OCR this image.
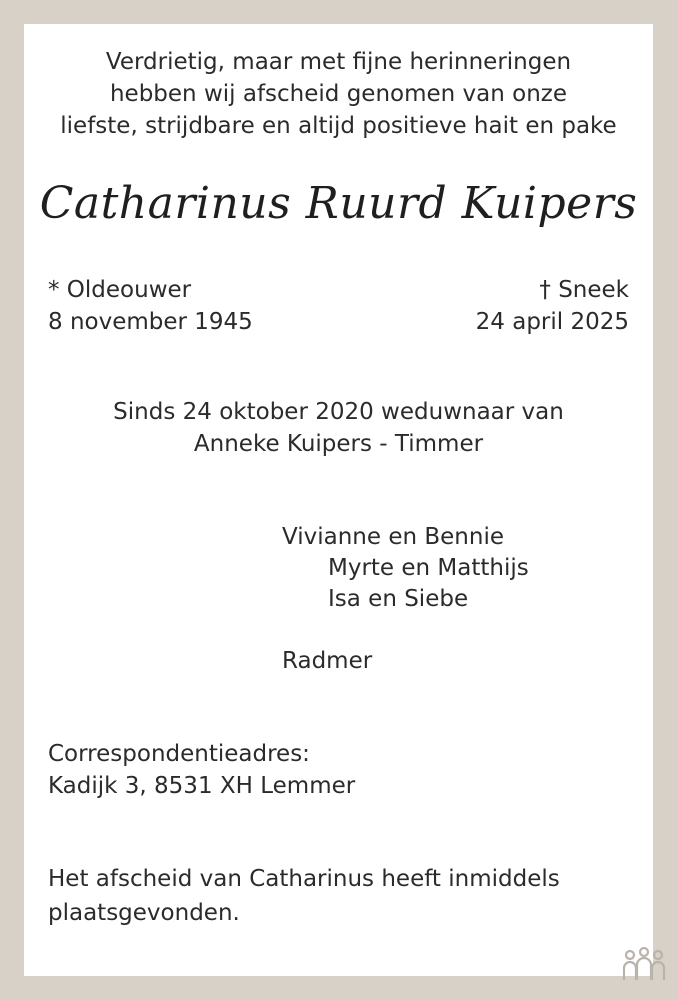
Verdrietig, maar met fijne herinneringen
hebben wij afscheid genomen van onze
liefste, strijdbare en altijd positieve hait en pake
Catharinus Ruurd Kuipers
* Oldeouwer
8 november 1945
† Sneek
24 april 2025
Sinds 24 oktober 2020 weduwnaar van
Anneke Kuipers - Timmer
Vivianne en Bennie
Myrte en Matthijs
Isa en Siebe
Radmer
Correspondentieadres:
Kadijk 3, 8531 XH Lemmer
Het afscheid van Catharinus heeft inmiddels plaatsgevonden.
